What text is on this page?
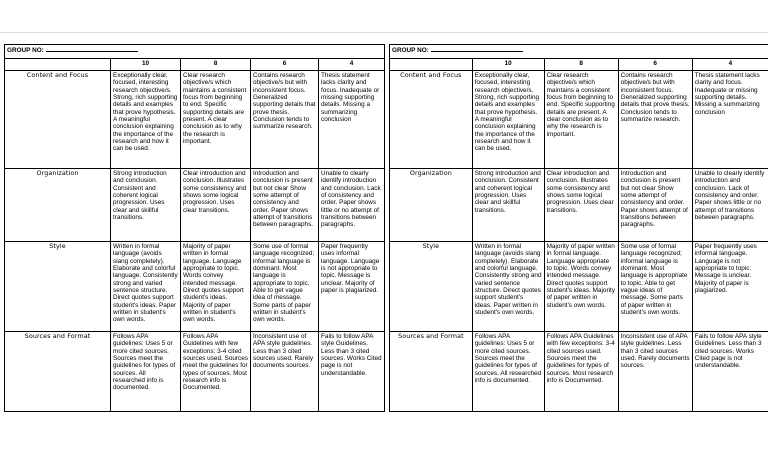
GROUP NO:				
	10	8	6	4
Content and Focus	Exceptionally clear, focused, interesting research objective/s. Strong, rich supporting details and examples that prove hypothesis. A meaningful conclusion explaining the importance of the research and how it can be used.	Clear research objective/s which maintains a consistent focus from beginning to end. Specific supporting details are present. A clear conclusion as to why the research is important.	Contains research objective/s but with inconsistent focus. Generalized supporting details that prove thesis. Conclusion tends to summarize research.	Thesis statement lacks clarity and focus. Inadequate or missing supporting details. Missing a summarizing conclusion
Organization	Strong introduction and conclusion. Consistent and coherent logical progression. Uses clear and skillful transitions.	Clear introduction and conclusion. Illustrates some consistency and shows some logical progression. Uses clear transitions.	Introduction and conclusion is present but not clear Show some attempt of consistency and order. Paper shows attempt of transitions between paragraphs.	Unable to clearly identify introduction and conclusion. Lack of consistency and order. Paper shows little or no attempt of transitions between paragraphs.
Style	Written in formal language (avoids slang completely). Elaborate and colorful language. Consistently strong and varied sentence structure. Direct quotes support student's ideas. Paper written in student's own words.	Majority of paper written in formal language. Language appropriate to topic. Words convey intended message. Direct quotes support student's ideas. Majority of paper written in student's own words.	Some use of formal language recognized; informal language is dominant. Most language is appropriate to topic. Able to get vague idea of message. Some parts of paper written in student's own words.	Paper frequently uses informal language. Language is not appropriate to topic. Message is unclear. Majority of paper is plagiarized.
Sources and Format	Follows APA guidelines: Uses 5 or more cited sources. Sources meet the guidelines for types of sources. All researched info is documented.	Follows APA Guidelines with few exceptions: 3-4 cited sources used. Sources meet the guidelines for types of sources. Most research info is Documented.	Inconsistent use of APA style guidelines. Less than 3 cited sources used. Rarely documents sources.	Fails to follow APA style Guidelines. Less than 3 cited sources. Works Cited page is not understandable.
GROUP NO:				
	10	8	6	4
Content and Focus	Exceptionally clear, focused, interesting research objective/s. Strong, rich supporting details and examples that prove hypothesis. A meaningful conclusion explaining the importance of the research and how it can be used.	Clear research objective/s which maintains a consistent focus from beginning to end. Specific supporting details are present. A clear conclusion as to why the research is important.	Contains research objective/s but with inconsistent focus. Generalized supporting details that prove thesis. Conclusion tends to summarize research.	Thesis statement lacks clarity and focus. Inadequate or missing supporting details. Missing a summarizing conclusion
Organization	Strong introduction and conclusion. Consistent and coherent logical progression. Uses clear and skillful transitions.	Clear introduction and conclusion. Illustrates some consistency and shows some logical progression. Uses clear transitions.	Introduction and conclusion is present but not clear Show some attempt of consistency and order. Paper shows attempt of transitions between paragraphs.	Unable to clearly identify introduction and conclusion. Lack of consistency and order. Paper shows little or no attempt of transitions between paragraphs.
Style	Written in formal language (avoids slang completely). Elaborate and colorful language. Consistently strong and varied sentence structure. Direct quotes support student's ideas. Paper written in student's own words.	Majority of paper written in formal language. Language appropriate to topic. Words convey intended message. Direct quotes support student's ideas. Majority of paper written in student's own words.	Some use of formal language recognized; informal language is dominant. Most language is appropriate to topic. Able to get vague ideas of message. Some parts of paper written in student's own words.	Paper frequently uses informal language. Language is not appropriate to topic. Message is unclear. Majority of paper is plagiarized.
Sources and Format	Follows APA guidelines: Uses 5 or more cited sources. Sources meet the guidelines for types of sources. All researched info is documented.	Follows APA Guidelines with few exceptions: 3-4 cited sources used. Sources meet the guidelines for types of sources. Most research info is Documented.	Inconsistent use of APA style guidelines. Less than 3 cited sources used. Rarely documents sources.	Fails to follow APA style Guidelines. Less than 3 cited sources. Works Cited page is not understandable.
